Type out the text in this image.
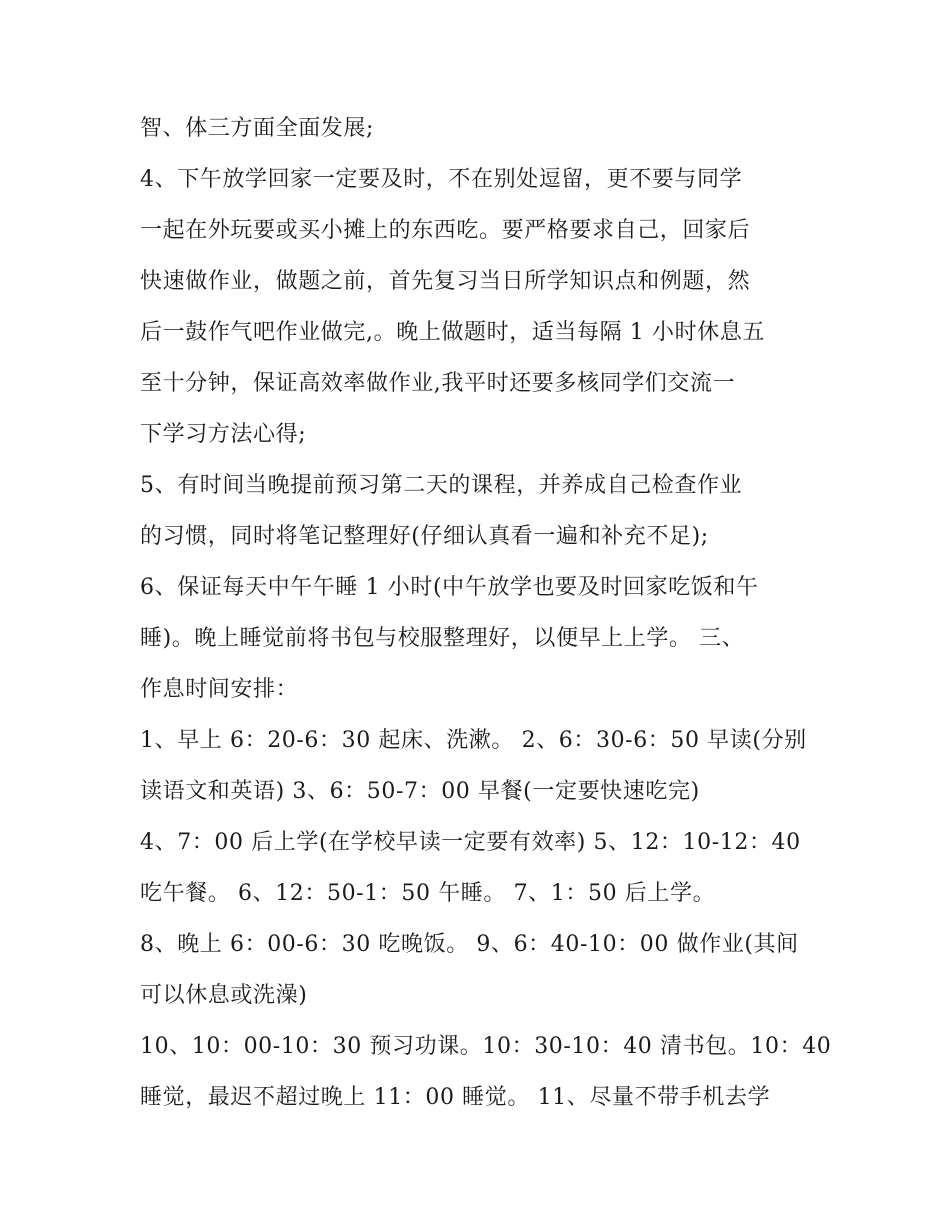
智、体三方面全面发展;
4、下午放学回家一定要及时，不在别处逗留，更不要与同学
一起在外玩要或买小摊上的东西吃。要严格要求自己，回家后
快速做作业，做题之前，首先复习当日所学知识点和例题，然
后一鼓作气吧作业做完,。晚上做题时，适当每隔 1 小时休息五
至十分钟，保证高效率做作业,我平时还要多核同学们交流一
下学习方法心得;
5、有时间当晚提前预习第二天的课程，并养成自己检查作业
的习惯，同时将笔记整理好(仔细认真看一遍和补充不足);
6、保证每天中午午睡 1 小时(中午放学也要及时回家吃饭和午
睡)。晚上睡觉前将书包与校服整理好，以便早上上学。 三、
作息时间安排：
1、早上 6：20-6：30 起床、洗漱。 2、6：30-6：50 早读(分别
读语文和英语) 3、6：50-7：00 早餐(一定要快速吃完)
4、7：00 后上学(在学校早读一定要有效率) 5、12：10-12：40
吃午餐。 6、12：50-1：50 午睡。 7、1：50 后上学。
8、晚上 6：00-6：30 吃晚饭。 9、6：40-10：00 做作业(其间
可以休息或洗澡)
10、10：00-10：30 预习功课。10：30-10：40 清书包。10：40
睡觉，最迟不超过晚上 11：00 睡觉。 11、尽量不带手机去学
